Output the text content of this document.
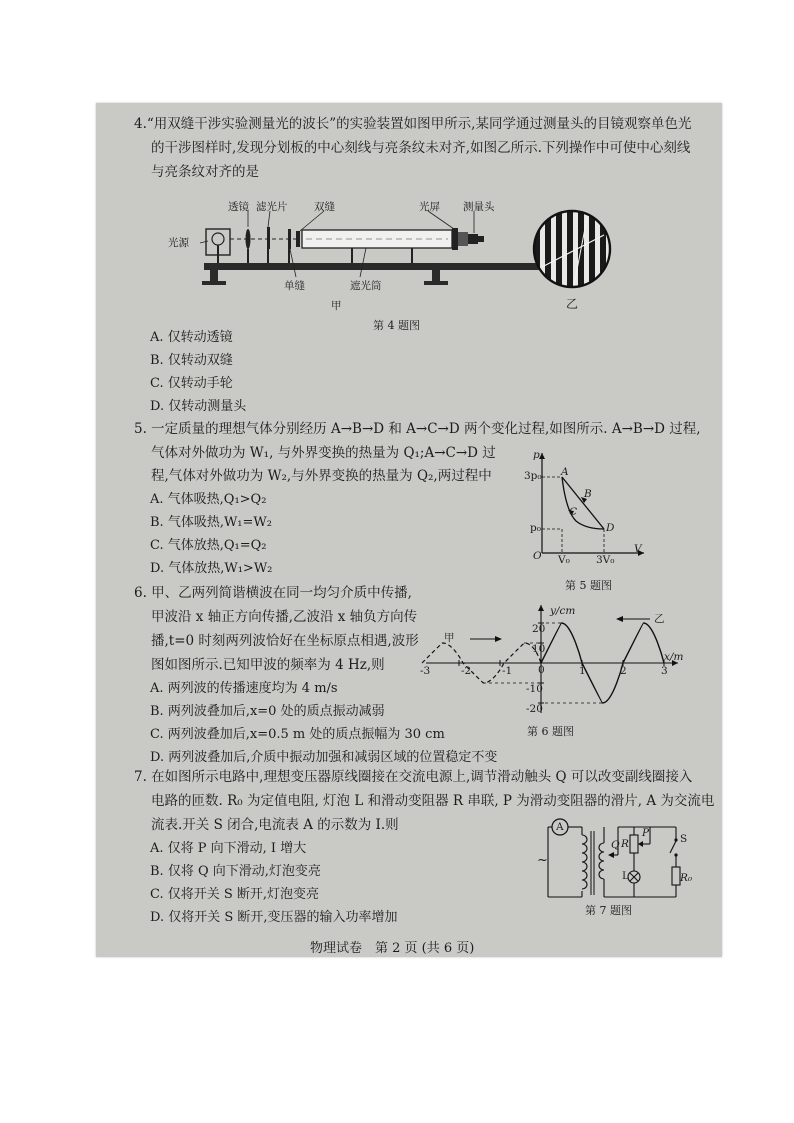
4.“用双缝干涉实验测量光的波长”的实验装置如图甲所示,某同学通过测量头的目镜观察单色光
的干涉图样时,发现分划板的中心刻线与亮条纹未对齐,如图乙所示.下列操作中可使中心刻线
与亮条纹对齐的是
透镜 滤光片	双缝	光屏 测量头
光源
单缝	遮光筒
甲	乙
第 4 题图
A. 仅转动透镜
B. 仅转动双缝
C. 仅转动手轮
D. 仅转动测量头
5. 一定质量的理想气体分别经历 A→B→D 和 A→C→D 两个变化过程,如图所示. A→B→D 过程,
气体对外做功为 W₁, 与外界变换的热量为 Q₁;A→C→D 过
程,气体对外做功为 W₂,与外界变换的热量为 Q₂,两过程中
A. 气体吸热,Q₁>Q₂
B. 气体吸热,W₁=W₂
C. 气体放热,Q₁=Q₂
D. 气体放热,W₁>W₂
p
V
O
3p₀
p₀
V₀ 3V₀
A
B
C
D
第 5 题图
6. 甲、乙两列简谐横波在同一均匀介质中传播,
甲波沿 x 轴正方向传播,乙波沿 x 轴负方向传
播,t=0 时刻两列波恰好在坐标原点相遇,波形
图如图所示.已知甲波的频率为 4 Hz,则
A. 两列波的传播速度均为 4 m/s
B. 两列波叠加后,x=0 处的质点振动减弱
C. 两列波叠加后,x=0.5 m 处的质点振幅为 30 cm
D. 两列波叠加后,介质中振动加强和减弱区域的位置稳定不变
y/cm
x/m
甲
乙
20
10
-10
-20
0
-3	-2	-1	1	2	3
第 6 题图
7. 在如图所示电路中,理想变压器原线圈接在交流电源上,调节滑动触头 Q 可以改变副线圈接入
电路的匝数. R₀ 为定值电阻, 灯泡 L 和滑动变阻器 R 串联, P 为滑动变阻器的滑片, A 为交流电
流表.开关 S 闭合,电流表 A 的示数为 I.则
A. 仅将 P 向下滑动, I 增大
B. 仅将 Q 向下滑动,灯泡变亮
C. 仅将开关 S 断开,灯泡变亮
D. 仅将开关 S 断开,变压器的输入功率增加
A
Q
P
R	S
L	R₀
~
第 7 题图
物理试卷　第 2 页 (共 6 页)
